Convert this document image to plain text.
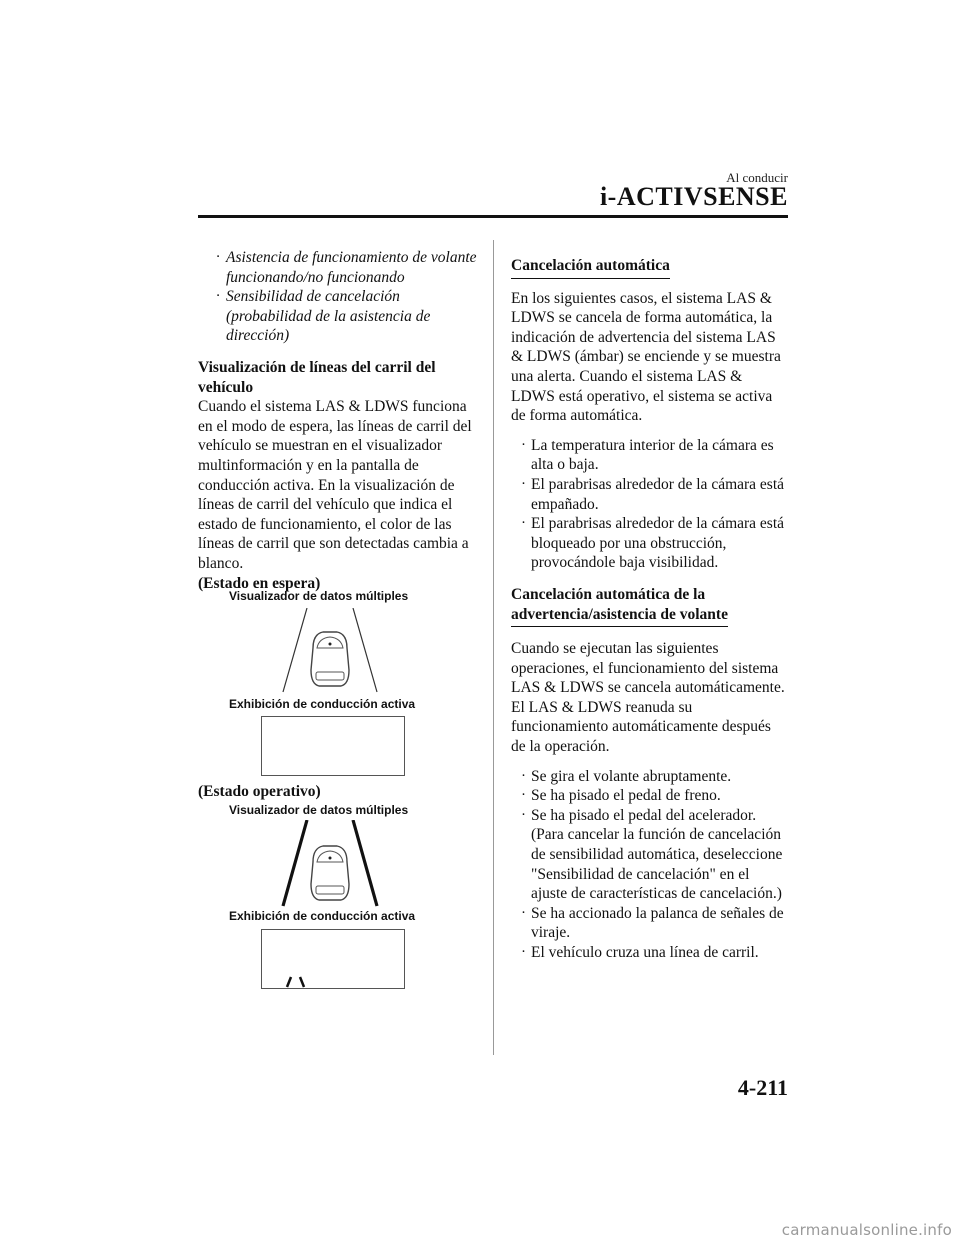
Al conducir
i-ACTIVSENSE
· Asistencia de funcionamiento de volante funcionando/no funcionando
· Sensibilidad de cancelación (probabilidad de la asistencia de dirección)

Visualización de líneas del carril del vehículo

Cuando el sistema LAS & LDWS funciona en el modo de espera, las líneas de carril del vehículo se muestran en el visualizador multinformación y en la pantalla de conducción activa. En la visualización de líneas de carril del vehículo que indica el estado de funcionamiento, el color de las líneas de carril que son detectadas cambia a blanco.

(Estado en espera)

Visualizador de datos múltiples
Exhibición de conducción activa
(Estado operativo)
Visualizador de datos múltiples
Exhibición de conducción activa
Cancelación automática

En los siguientes casos, el sistema LAS & LDWS se cancela de forma automática, la indicación de advertencia del sistema LAS & LDWS (ámbar) se enciende y se muestra una alerta. Cuando el sistema LAS & LDWS está operativo, el sistema se activa de forma automática.

· La temperatura interior de la cámara es alta o baja.
· El parabrisas alrededor de la cámara está empañado.
· El parabrisas alrededor de la cámara está bloqueado por una obstrucción, provocándole baja visibilidad.
Cancelación automática de la
advertencia/asistencia de volante

Cuando se ejecutan las siguientes operaciones, el funcionamiento del sistema LAS & LDWS se cancela automáticamente. El LAS & LDWS reanuda su funcionamiento automáticamente después de la operación.

· Se gira el volante abruptamente.
· Se ha pisado el pedal de freno.
· Se ha pisado el pedal del acelerador. (Para cancelar la función de cancelación de sensibilidad automática, deseleccione "Sensibilidad de cancelación" en el ajuste de características de cancelación.)
· Se ha accionado la palanca de señales de viraje.
· El vehículo cruza una línea de carril.
4-211
carmanualsonline.info
